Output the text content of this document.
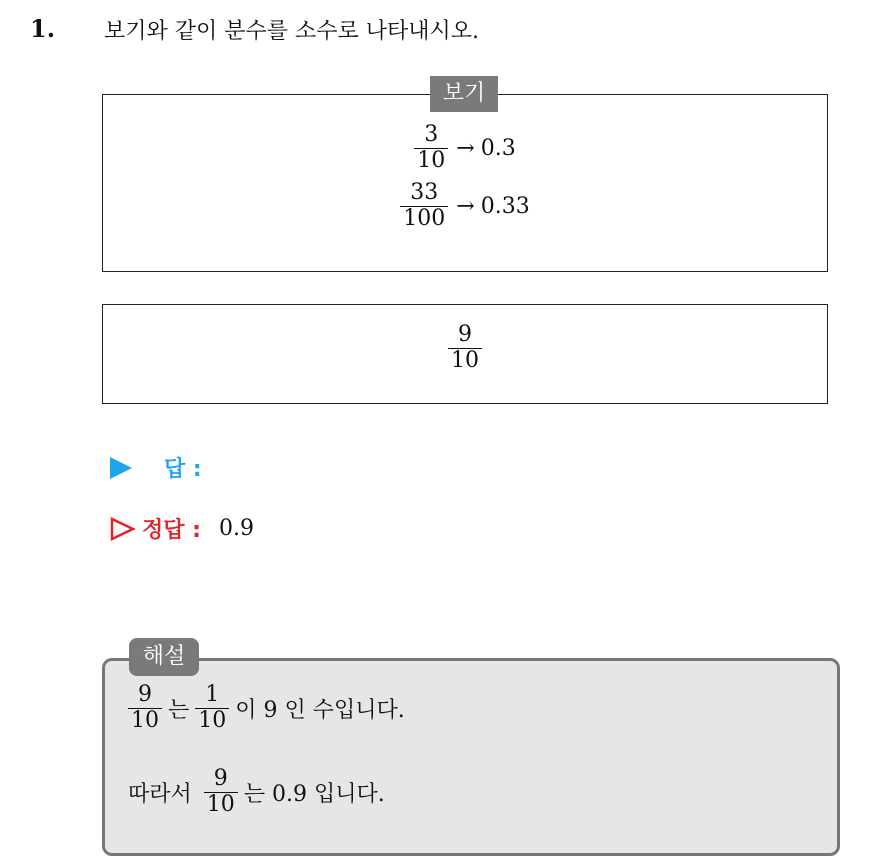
1. 보기와 같이 분수를 소수로 나타내시오.
$\frac{3}{10} \to 0.3$
$\frac{33}{100} \to 0.33$
보기
$\frac{9}{10}$
답 :
정답 : 0.9
해설
$\frac{9}{10}$ 는 $\frac{1}{10}$ 이 9 인 수입니다.
따라서 $\frac{9}{10}$ 는 0.9 입니다.
